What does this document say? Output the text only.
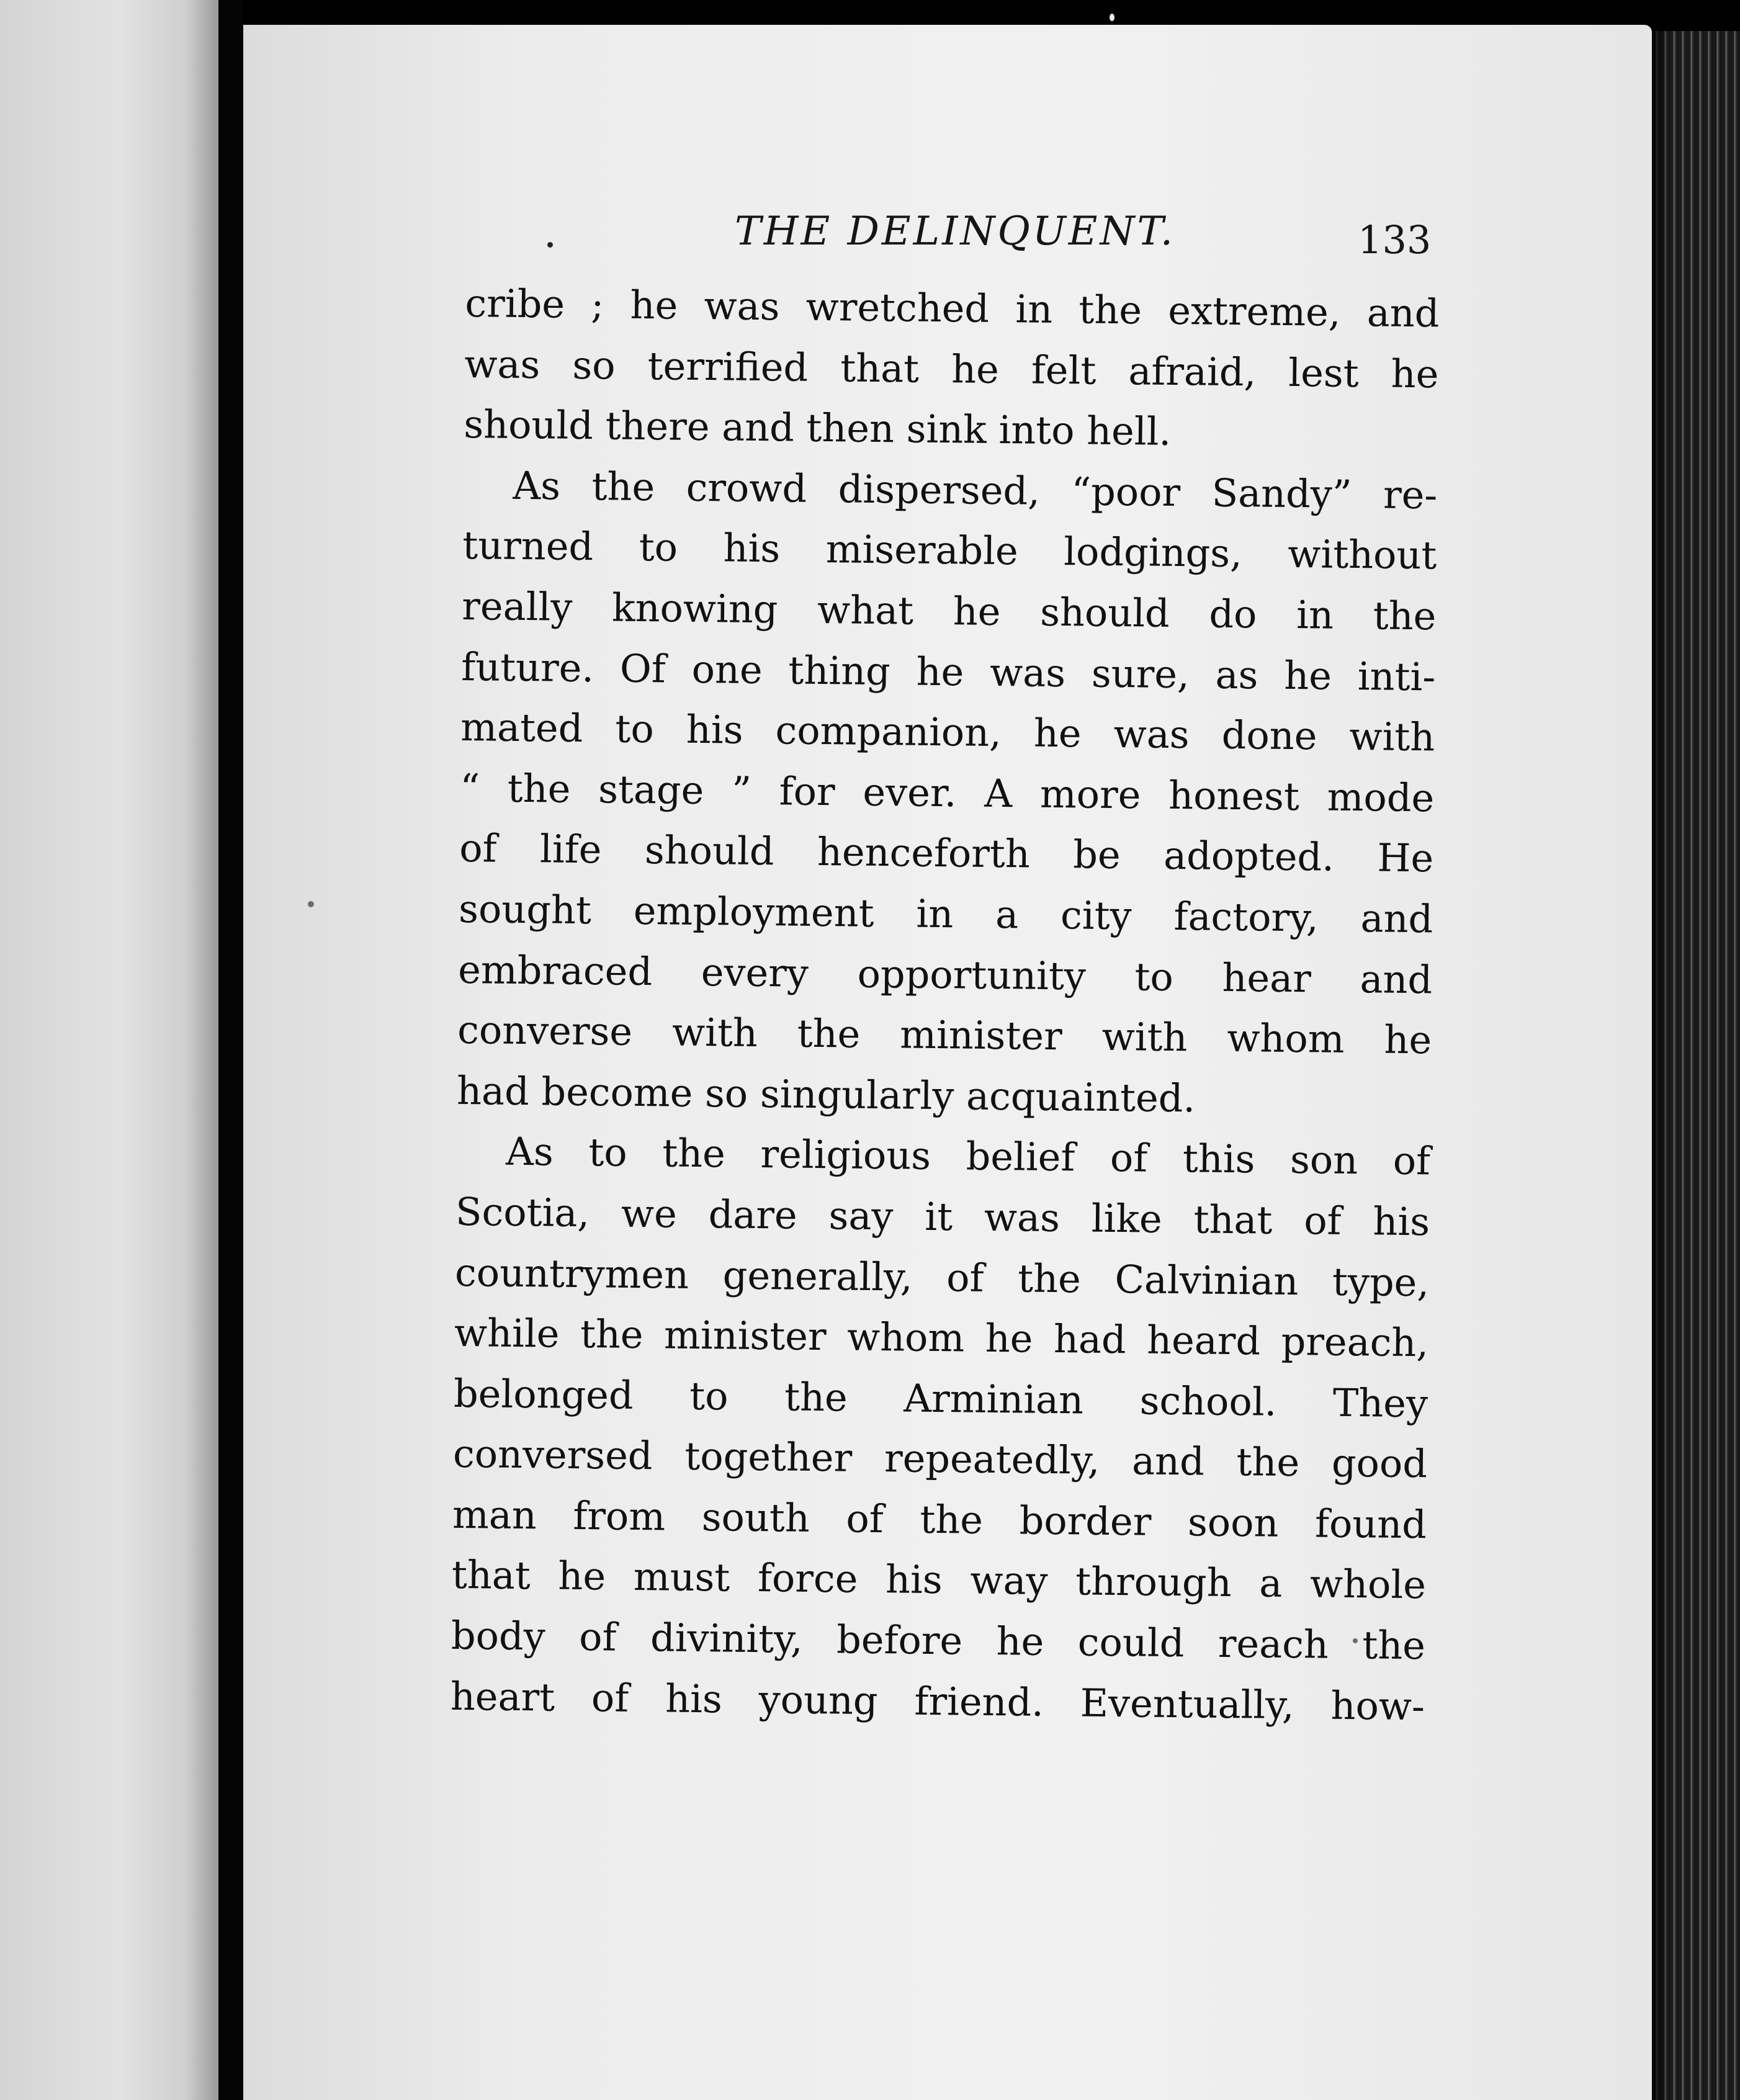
THE DELINQUENT.	133
cribe ; he was wretched in the extreme, and
was so terrified that he felt afraid, lest he
should there and then sink into hell.
As the crowd dispersed, “poor Sandy” re-
turned to his miserable lodgings, without
really knowing what he should do in the
future. Of one thing he was sure, as he inti-
mated to his companion, he was done with
“ the stage ” for ever. A more honest mode
of life should henceforth be adopted. He
sought employment in a city factory, and
embraced every opportunity to hear and
converse with the minister with whom he
had become so singularly acquainted.
As to the religious belief of this son of
Scotia, we dare say it was like that of his
countrymen generally, of the Calvinian type,
while the minister whom he had heard preach,
belonged to the Arminian school. They
conversed together repeatedly, and the good
man from south of the border soon found
that he must force his way through a whole
body of divinity, before he could reach the
heart of his young friend. Eventually, how-
